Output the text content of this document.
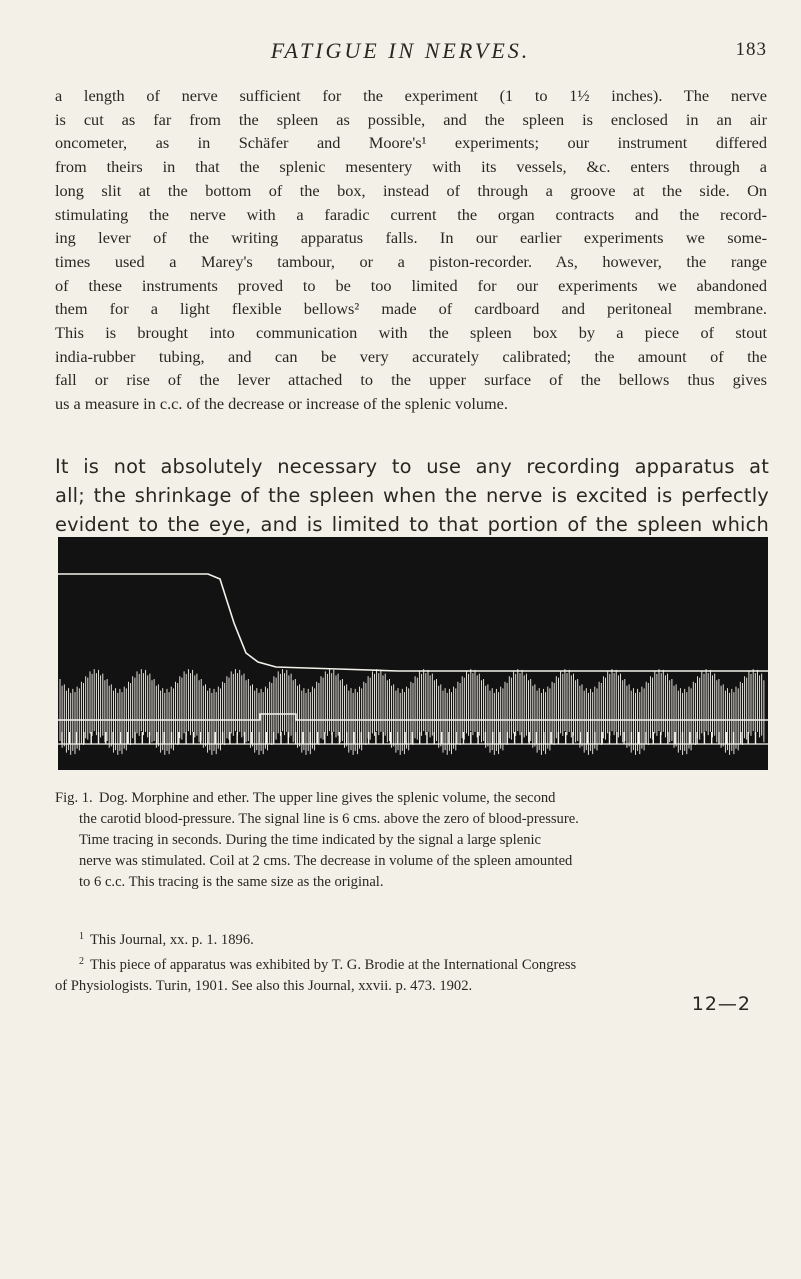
FATIGUE IN NERVES.	183
a length of nerve sufficient for the experiment (1 to 1½ inches). The nerve
is cut as far from the spleen as possible, and the spleen is enclosed in an air
oncometer, as in Schäfer and Moore's¹ experiments; our instrument differed
from theirs in that the splenic mesentery with its vessels, &c. enters through a
long slit at the bottom of the box, instead of through a groove at the side. On
stimulating the nerve with a faradic current the organ contracts and the record-
ing lever of the writing apparatus falls. In our earlier experiments we some-
times used a Marey's tambour, or a piston-recorder. As, however, the range
of these instruments proved to be too limited for our experiments we abandoned
them for a light flexible bellows² made of cardboard and peritoneal membrane.
This is brought into communication with the spleen box by a piece of stout
india-rubber tubing, and can be very accurately calibrated; the amount of the
fall or rise of the lever attached to the upper surface of the bellows thus gives
us a measure in c.c. of the decrease or increase of the splenic volume.
It is not absolutely necessary to use any recording apparatus at
all; the shrinkage of the spleen when the nerve is excited is perfectly
evident to the eye, and is limited to that portion of the spleen which
Fig. 1. Dog. Morphine and ether. The upper line gives the splenic volume, the second
the carotid blood-pressure. The signal line is 6 cms. above the zero of blood-pressure.
Time tracing in seconds. During the time indicated by the signal a large splenic
nerve was stimulated. Coil at 2 cms. The decrease in volume of the spleen amounted
to 6 c.c. This tracing is the same size as the original.

$^1$ This Journal, xx. p. 1. 1896.

$^2$ This piece of apparatus was exhibited by T. G. Brodie at the International Congress

of Physiologists. Turin, 1901. See also this Journal, xxvii. p. 473. 1902.

12—2
